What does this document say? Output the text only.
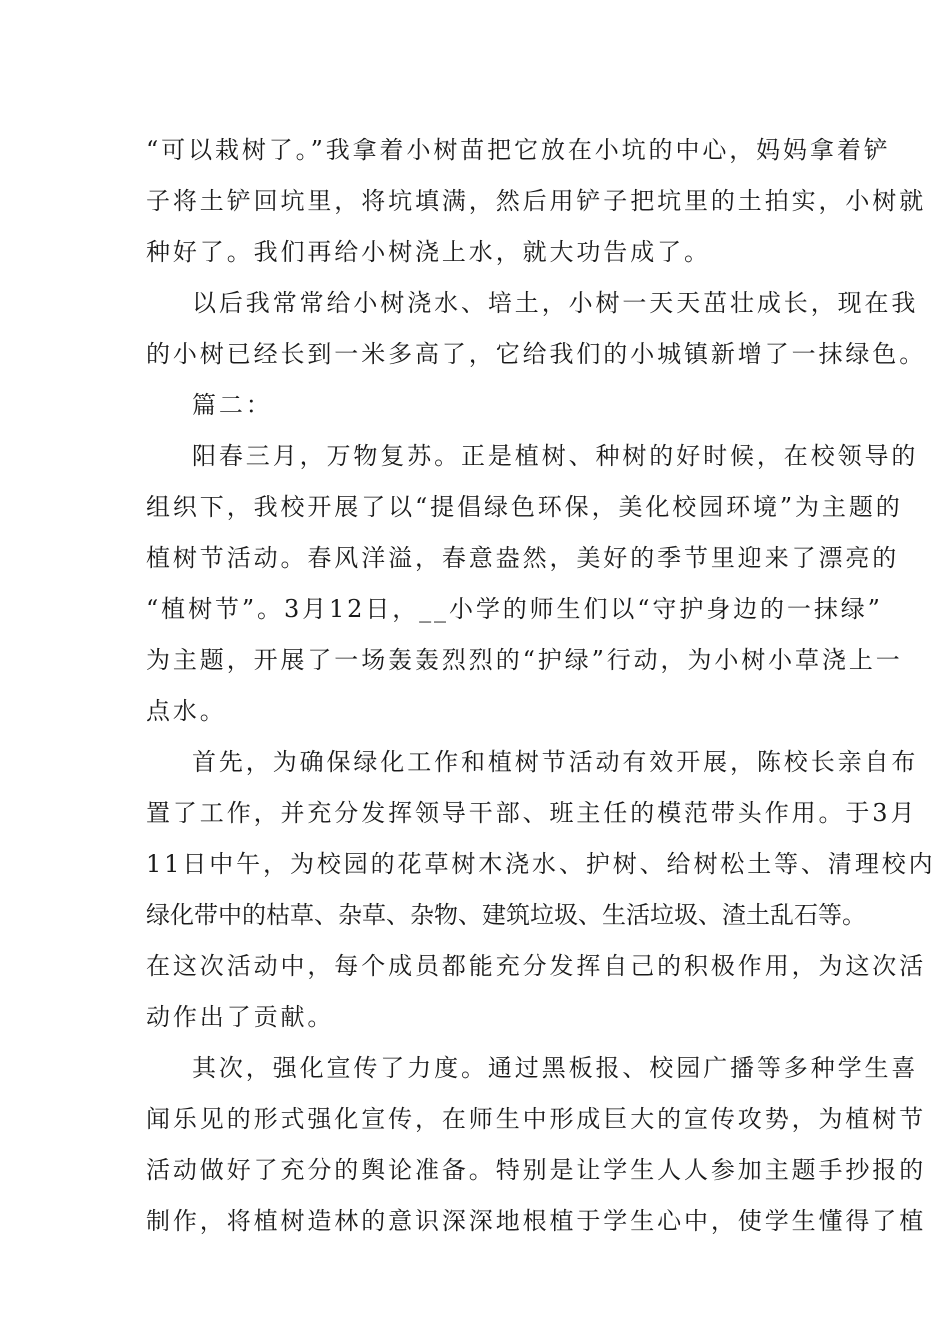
“可以栽树了。”我拿着小树苗把它放在小坑的中心，妈妈拿着铲
子将土铲回坑里，将坑填满，然后用铲子把坑里的土拍实，小树就
种好了。我们再给小树浇上水，就大功告成了。
以后我常常给小树浇水、培土，小树一天天茁壮成长，现在我
的小树已经长到一米多高了，它给我们的小城镇新增了一抹绿色。
篇二：
阳春三月，万物复苏。正是植树、种树的好时候，在校领导的
组织下，我校开展了以“提倡绿色环保，美化校园环境”为主题的
植树节活动。春风洋溢，春意盎然，美好的季节里迎来了漂亮的
“植树节”。3月12日，__小学的师生们以“守护身边的一抹绿”
为主题，开展了一场轰轰烈烈的“护绿”行动，为小树小草浇上一
点水。
首先，为确保绿化工作和植树节活动有效开展，陈校长亲自布
置了工作，并充分发挥领导干部、班主任的模范带头作用。于3月
11日中午，为校园的花草树木浇水、护树、给树松土等、清理校内
绿化带中的枯草、杂草、杂物、建筑垃圾、生活垃圾、渣土乱石等。
在这次活动中，每个成员都能充分发挥自己的积极作用，为这次活
动作出了贡献。
其次，强化宣传了力度。通过黑板报、校园广播等多种学生喜
闻乐见的形式强化宣传，在师生中形成巨大的宣传攻势，为植树节
活动做好了充分的舆论准备。特别是让学生人人参加主题手抄报的
制作，将植树造林的意识深深地根植于学生心中，使学生懂得了植
